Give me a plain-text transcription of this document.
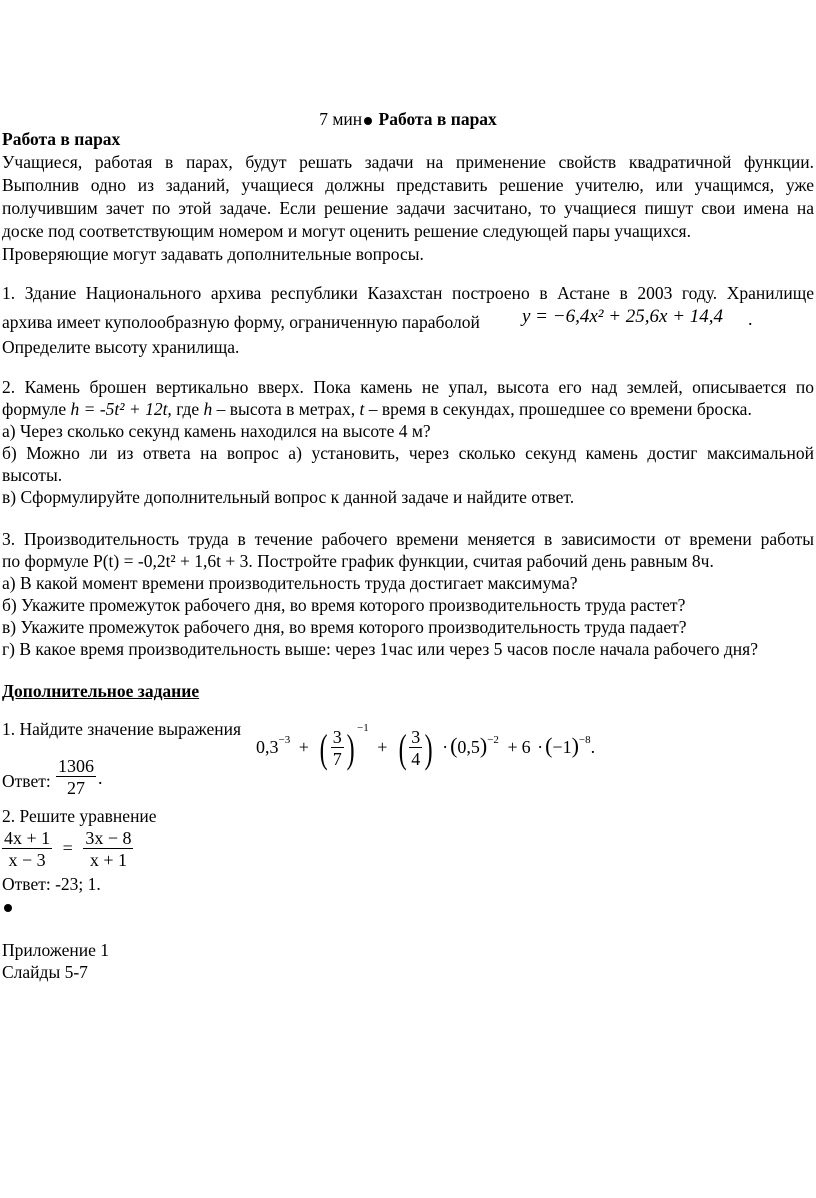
7 мин Работа в парах
Работа в парах
Учащиеся, работая в парах, будут решать задачи на применение свойств квадратичной функции.
Выполнив одно из заданий, учащиеся должны представить решение учителю, или учащимся, уже
получившим зачет по этой задаче. Если решение задачи засчитано, то учащиеся пишут свои имена на
доске под соответствующим номером и могут оценить решение следующей пары учащихся.
Проверяющие могут задавать дополнительные вопросы.
1. Здание Национального архива республики Казахстан построено в Астане в 2003 году. Хранилище
архива имеет куполообразную форму, ограниченную параболой y = −6,4x² + 25,6x + 14,4 .
Определите высоту хранилища.
2. Камень брошен вертикально вверх. Пока камень не упал, высота его над землей, описывается по
формуле h = -5t² + 12t, где h – высота в метрах, t – время в секундах, прошедшее со времени броска.
а) Через сколько секунд камень находился на высоте 4 м?
б) Можно ли из ответа на вопрос а) установить, через сколько секунд камень достиг максимальной
высоты.
в) Сформулируйте дополнительный вопрос к данной задаче и найдите ответ.
3. Производительность труда в течение рабочего времени меняется в зависимости от времени работы
по формуле P(t) = -0,2t² + 1,6t + 3. Постройте график функции, считая рабочий день равным 8ч.
а) В какой момент времени производительность труда достигает максимума?
б) Укажите промежуток рабочего дня, во время которого производительность труда растет?
в) Укажите промежуток рабочего дня, во время которого производительность труда падает?
г) В какое время производительность выше: через 1час или через 5 часов после начала рабочего дня?
Дополнительное задание
1. Найдите значение выражения
$0,3^{-3}$ + ( $\frac{3}{7}$ ) $^{-1}$ + ( $\frac{3}{4}$ ) $\cdot(0,5)^{-2} + 6 \cdot(-1)^{-8}$.
Ответ: $\frac{1306}{27}$ .
2. Решите уравнение
$\frac{4x + 1}{x - 3} = \frac{3x - 8}{x + 1}$
Ответ: -23; 1.
Приложение 1
Слайды 5-7
